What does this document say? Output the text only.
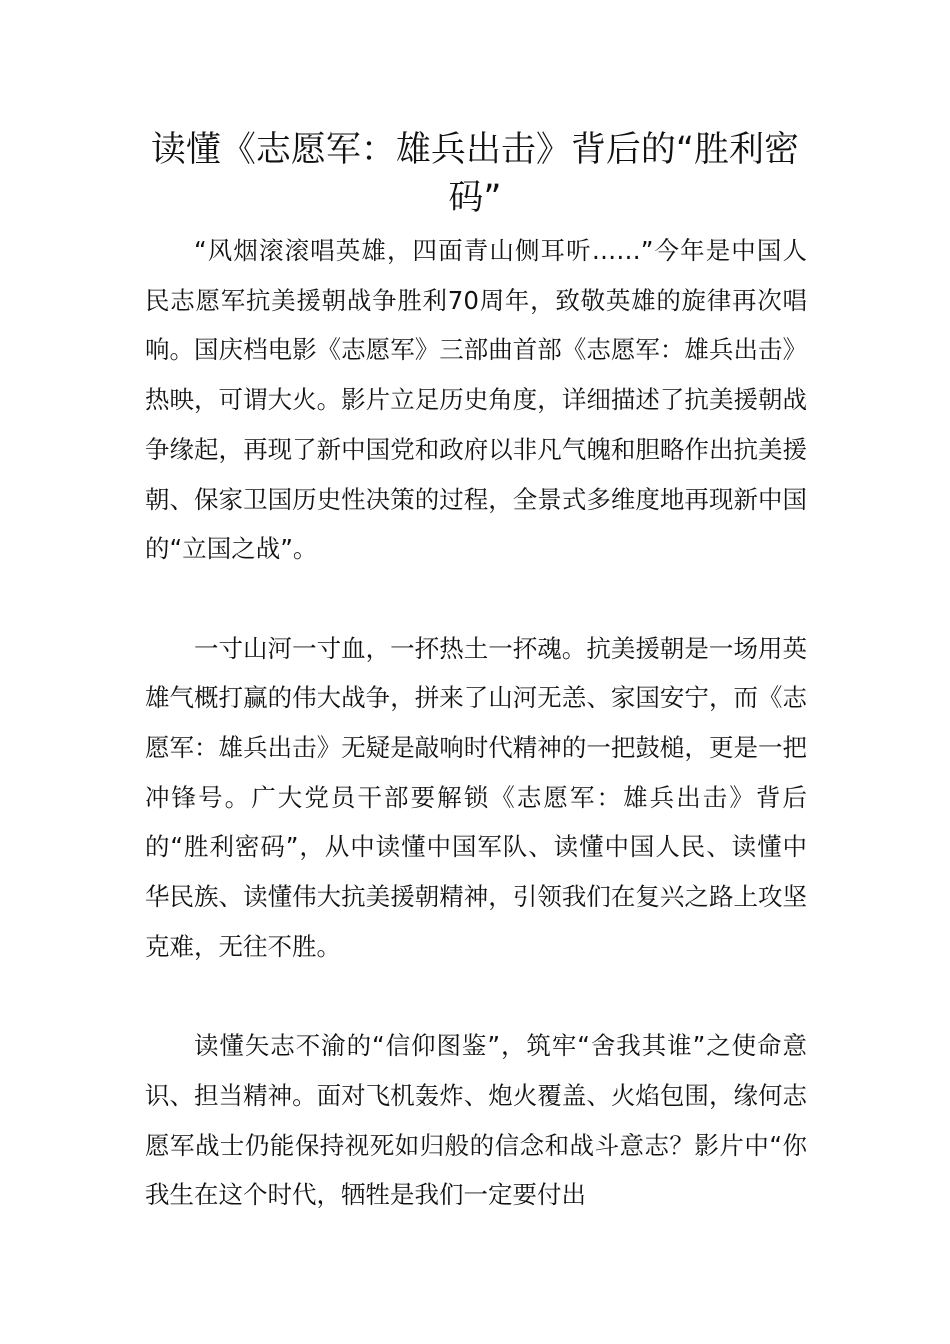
读懂《志愿军：雄兵出击》背后的“胜利密码”

“风烟滚滚唱英雄，四面青山侧耳听……”今年是中国人民志愿军抗美援朝战争胜利70周年，致敬英雄的旋律再次唱响。国庆档电影《志愿军》三部曲首部《志愿军：雄兵出击》热映，可谓大火。影片立足历史角度，详细描述了抗美援朝战争缘起，再现了新中国党和政府以非凡气魄和胆略作出抗美援朝、保家卫国历史性决策的过程，全景式多维度地再现新中国的“立国之战”。

一寸山河一寸血，一抔热土一抔魂。抗美援朝是一场用英雄气概打赢的伟大战争，拼来了山河无恙、家国安宁，而《志愿军：雄兵出击》无疑是敲响时代精神的一把鼓槌，更是一把冲锋号。广大党员干部要解锁《志愿军：雄兵出击》背后的“胜利密码”，从中读懂中国军队、读懂中国人民、读懂中华民族、读懂伟大抗美援朝精神，引领我们在复兴之路上攻坚克难，无往不胜。

读懂矢志不渝的“信仰图鉴”，筑牢“舍我其谁”之使命意识、担当精神。面对飞机轰炸、炮火覆盖、火焰包围，缘何志愿军战士仍能保持视死如归般的信念和战斗意志？影片中“你我生在这个时代，牺牲是我们一定要付出
